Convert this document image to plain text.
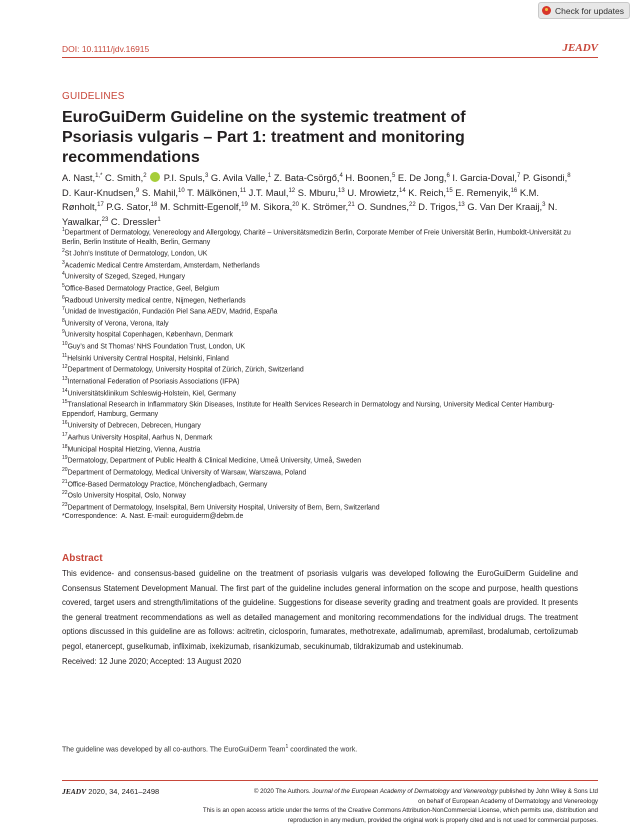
Check for updates
DOI: 10.1111/jdv.16915	JEADV
GUIDELINES
EuroGuiDerm Guideline on the systemic treatment of Psoriasis vulgaris – Part 1: treatment and monitoring recommendations
A. Nast,$^{1,*}$ C. Smith,$^2$ P.I. Spuls,$^3$ G. Avila Valle,$^1$ Z. Bata-Csörgő,$^4$ H. Boonen,$^5$ E. De Jong,$^6$ I. Garcia-Doval,$^7$ P. Gisondi,$^8$ D. Kaur-Knudsen,$^9$ S. Mahil,$^{10}$ T. Mälkönen,$^{11}$ J.T. Maul,$^{12}$ S. Mburu,$^{13}$ U. Mrowietz,$^{14}$ K. Reich,$^{15}$ E. Remenyik,$^{16}$ K.M. Rønholt,$^{17}$ P.G. Sator,$^{18}$ M. Schmitt-Egenolf,$^{19}$ M. Sikora,$^{20}$ K. Strömer,$^{21}$ O. Sundnes,$^{22}$ D. Trigos,$^{13}$ G. Van Der Kraaij,$^3$ N. Yawalkar,$^{23}$ C. Dressler$^1$
$^1$Department of Dermatology, Venereology and Allergology, Charité – Universitätsmedizin Berlin, Corporate Member of Freie Universität Berlin, Humboldt-Universität zu Berlin, Berlin Institute of Health, Berlin, Germany
$^2$St John’s Institute of Dermatology, London, UK
$^3$Academic Medical Centre Amsterdam, Amsterdam, Netherlands
$^4$University of Szeged, Szeged, Hungary
$^5$Office-Based Dermatology Practice, Geel, Belgium
$^6$Radboud University medical centre, Nijmegen, Netherlands
$^7$Unidad de Investigación, Fundación Piel Sana AEDV, Madrid, España
$^8$University of Verona, Verona, Italy
$^9$University hospital Copenhagen, København, Denmark
$^{10}$Guy’s and St Thomas’ NHS Foundation Trust, London, UK
$^{11}$Helsinki University Central Hospital, Helsinki, Finland
$^{12}$Department of Dermatology, University Hospital of Zürich, Zürich, Switzerland
$^{13}$International Federation of Psoriasis Associations (IFPA)
$^{14}$Universitätsklinikum Schleswig-Holstein, Kiel, Germany
$^{15}$Translational Research in Inflammatory Skin Diseases, Institute for Health Services Research in Dermatology and Nursing, University Medical Center Hamburg-Eppendorf, Hamburg, Germany
$^{16}$University of Debrecen, Debrecen, Hungary
$^{17}$Aarhus University Hospital, Aarhus N, Denmark
$^{18}$Municipal Hospital Hietzing, Vienna, Austria
$^{19}$Dermatology, Department of Public Health & Clinical Medicine, Umeå University, Umeå, Sweden
$^{20}$Department of Dermatology, Medical University of Warsaw, Warszawa, Poland
$^{21}$Office-Based Dermatology Practice, Mönchengladbach, Germany
$^{22}$Oslo University Hospital, Oslo, Norway
$^{23}$Department of Dermatology, Inselspital, Bern University Hospital, University of Bern, Bern, Switzerland
*Correspondence: A. Nast. E-mail: euroguiderm@debm.de
Abstract
This evidence- and consensus-based guideline on the treatment of psoriasis vulgaris was developed following the EuroGuiDerm Guideline and Consensus Statement Development Manual. The first part of the guideline includes general information on the scope and purpose, health questions covered, target users and strength/limitations of the guideline. Suggestions for disease severity grading and treatment goals are provided. It presents the general treatment recommendations as well as detailed management and monitoring recommendations for the individual drugs. The treatment options discussed in this guideline are as follows: acitretin, ciclosporin, fumarates, methotrexate, adalimumab, apremilast, brodalumab, certolizumab pegol, etanercept, guselkumab, infliximab, ixekizumab, risankizumab, secukinumab, tildrakizumab and ustekinumab.
Received: 12 June 2020; Accepted: 13 August 2020
The guideline was developed by all co-authors. The EuroGuiDerm Team$^1$ coordinated the work.
JEADV 2020, 34, 2461–2498	© 2020 The Authors. Journal of the European Academy of Dermatology and Venereology published by John Wiley & Sons Ltd
on behalf of European Academy of Dermatology and Venereology
This is an open access article under the terms of the Creative Commons Attribution-NonCommercial License, which permits use, distribution and reproduction in any medium, provided the original work is properly cited and is not used for commercial purposes.
